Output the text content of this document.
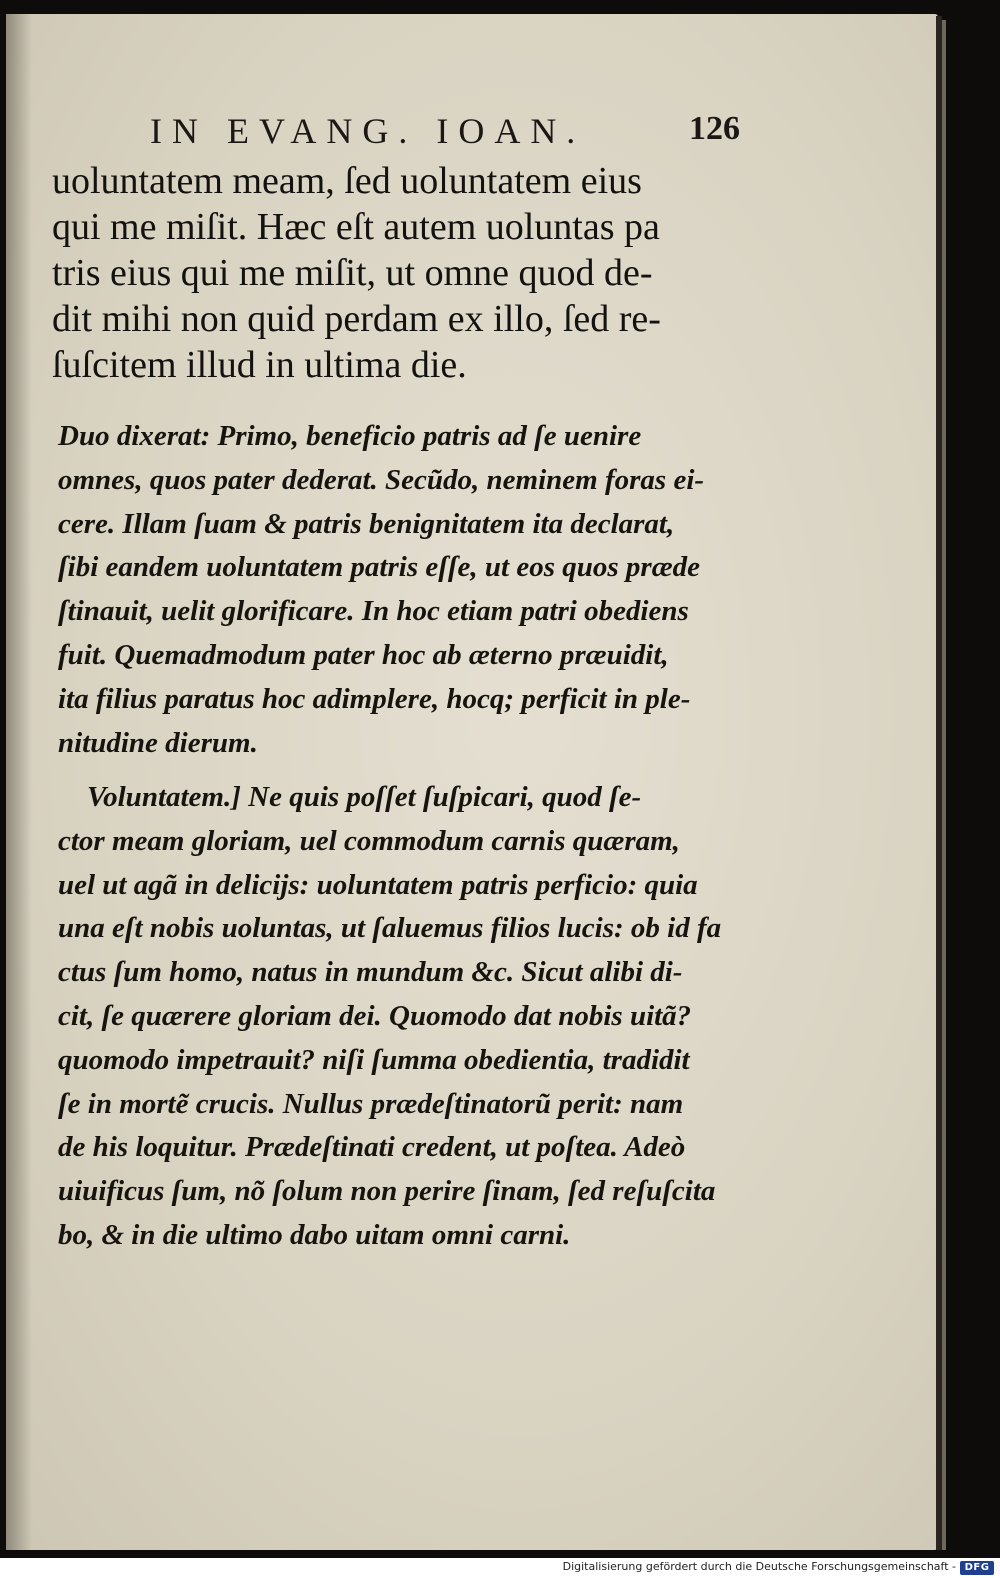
IN EVANG. IOAN.	126
uoluntatem meam, ſed uoluntatem eius
qui me miſit. Hæc eſt autem uoluntas pa
tris eius qui me miſit, ut omne quod de-
dit mihi non quid perdam ex illo, ſed re-
ſuſcitem illud in ultima die.
Duo dixerat: Primo, beneficio patris ad ſe uenire
omnes, quos pater dederat. Secũdo, neminem foras ei-
cere. Illam ſuam & patris benignitatem ita declarat,
ſibi eandem uoluntatem patris eſſe, ut eos quos præde
ſtinauit, uelit glorificare. In hoc etiam patri obediens
fuit. Quemadmodum pater hoc ab æterno præuidit,
ita filius paratus hoc adimplere, hocq; perficit in ple-
nitudine dierum.
Voluntatem.] Ne quis poſſet ſuſpicari, quod ſe-
ctor meam gloriam, uel commodum carnis quæram,
uel ut agã in delicijs: uoluntatem patris perficio: quia
una eſt nobis uoluntas, ut ſaluemus filios lucis: ob id fa
ctus ſum homo, natus in mundum &c. Sicut alibi di-
cit, ſe quærere gloriam dei. Quomodo dat nobis uitã?
quomodo impetrauit? niſi ſumma obedientia, tradidit
ſe in mortẽ crucis. Nullus prædeſtinatorũ perit: nam
de his loquitur. Prædeſtinati credent, ut poſtea. Adeò
uiuificus ſum, nõ ſolum non perire ſinam, ſed reſuſcita
bo, & in die ultimo dabo uitam omni carni.
Digitalisierung gefördert durch die Deutsche Forschungsgemeinschaft - DFG
